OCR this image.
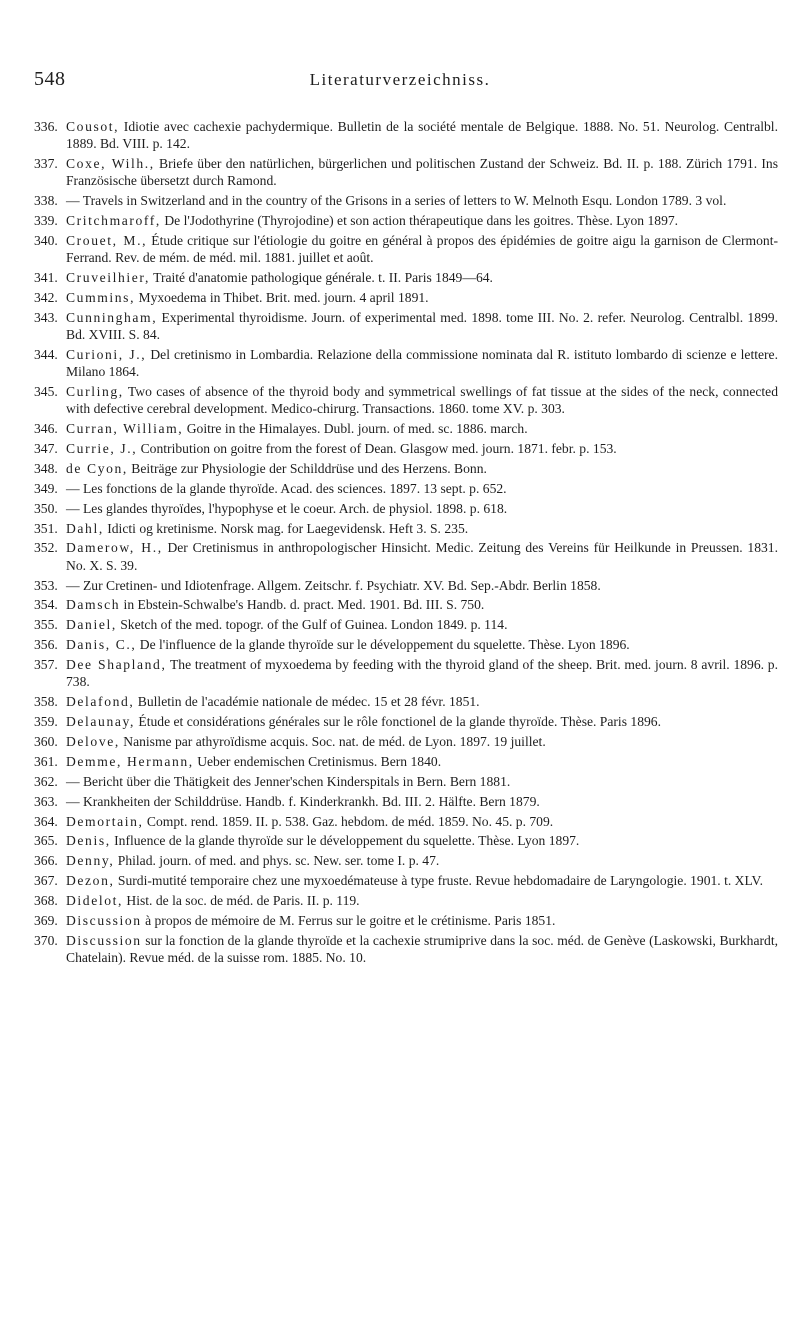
548	Literaturverzeichniss.
336. Cousot, Idiotie avec cachexie pachydermique. Bulletin de la société mentale de Belgique. 1888. No. 51. Neurolog. Centralbl. 1889. Bd. VIII. p. 142.
337. Coxe, Wilh., Briefe über den natürlichen, bürgerlichen und politischen Zustand der Schweiz. Bd. II. p. 188. Zürich 1791. Ins Französische übersetzt durch Ramond.
338. — Travels in Switzerland and in the country of the Grisons in a series of letters to W. Melnoth Esqu. London 1789. 3 vol.
339. Critchmaroff, De l'Jodothyrine (Thyrojodine) et son action thérapeutique dans les goitres. Thèse. Lyon 1897.
340. Crouet, M., Étude critique sur l'étiologie du goitre en général à propos des épidémies de goitre aigu la garnison de Clermont-Ferrand. Rev. de mém. de méd. mil. 1881. juillet et août.
341. Cruveilhier, Traité d'anatomie pathologique générale. t. II. Paris 1849—64.
342. Cummins, Myxoedema in Thibet. Brit. med. journ. 4 april 1891.
343. Cunningham, Experimental thyroidisme. Journ. of experimental med. 1898. tome III. No. 2. refer. Neurolog. Centralbl. 1899. Bd. XVIII. S. 84.
344. Curioni, J., Del cretinismo in Lombardia. Relazione della commissione nominata dal R. istituto lombardo di scienze e lettere. Milano 1864.
345. Curling, Two cases of absence of the thyroid body and symmetrical swellings of fat tissue at the sides of the neck, connected with defective cerebral development. Medico-chirurg. Transactions. 1860. tome XV. p. 303.
346. Curran, William, Goitre in the Himalayes. Dubl. journ. of med. sc. 1886. march.
347. Currie, J., Contribution on goitre from the forest of Dean. Glasgow med. journ. 1871. febr. p. 153.
348. de Cyon, Beiträge zur Physiologie der Schilddrüse und des Herzens. Bonn.
349. — Les fonctions de la glande thyroïde. Acad. des sciences. 1897. 13 sept. p. 652.
350. — Les glandes thyroïdes, l'hypophyse et le coeur. Arch. de physiol. 1898. p. 618.
351. Dahl, Idicti og kretinisme. Norsk mag. for Laegevidensk. Heft 3. S. 235.
352. Damerow, H., Der Cretinismus in anthropologischer Hinsicht. Medic. Zeitung des Vereins für Heilkunde in Preussen. 1831. No. X. S. 39.
353. — Zur Cretinen- und Idiotenfrage. Allgem. Zeitschr. f. Psychiatr. XV. Bd. Sep.-Abdr. Berlin 1858.
354. Damsch in Ebstein-Schwalbe's Handb. d. pract. Med. 1901. Bd. III. S. 750.
355. Daniel, Sketch of the med. topogr. of the Gulf of Guinea. London 1849. p. 114.
356. Danis, C., De l'influence de la glande thyroïde sur le développement du squelette. Thèse. Lyon 1896.
357. Dee Shapland, The treatment of myxoedema by feeding with the thyroid gland of the sheep. Brit. med. journ. 8 avril. 1896. p. 738.
358. Delafond, Bulletin de l'académie nationale de médec. 15 et 28 févr. 1851.
359. Delaunay, Étude et considérations générales sur le rôle fonctionel de la glande thyroïde. Thèse. Paris 1896.
360. Delove, Nanisme par athyroïdisme acquis. Soc. nat. de méd. de Lyon. 1897. 19 juillet.
361. Demme, Hermann, Ueber endemischen Cretinismus. Bern 1840.
362. — Bericht über die Thätigkeit des Jenner'schen Kinderspitals in Bern. Bern 1881.
363. — Krankheiten der Schilddrüse. Handb. f. Kinderkrankh. Bd. III. 2. Hälfte. Bern 1879.
364. Demortain, Compt. rend. 1859. II. p. 538. Gaz. hebdom. de méd. 1859. No. 45. p. 709.
365. Denis, Influence de la glande thyroïde sur le développement du squelette. Thèse. Lyon 1897.
366. Denny, Philad. journ. of med. and phys. sc. New. ser. tome I. p. 47.
367. Dezon, Surdi-mutité temporaire chez une myxoedémateuse à type fruste. Revue hebdomadaire de Laryngologie. 1901. t. XLV.
368. Didelot, Hist. de la soc. de méd. de Paris. II. p. 119.
369. Discussion à propos de mémoire de M. Ferrus sur le goitre et le crétinisme. Paris 1851.
370. Discussion sur la fonction de la glande thyroïde et la cachexie strumiprive dans la soc. méd. de Genève (Laskowski, Burkhardt, Chatelain). Revue méd. de la suisse rom. 1885. No. 10.
